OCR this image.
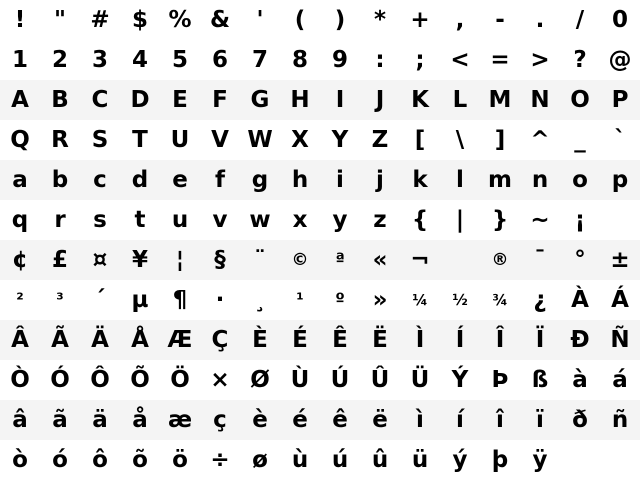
!	"	#	$	%	&	'	(	)	*	+	,	-	.	/	0

1	2	3	4	5	6	7	8	9	:	;	<	=	>	?	@

A	B	C	D	E	F	G	H	I	J	K	L	M	N	O	P

Q	R	S	T	U	V	W	X	Y	Z	[	\	]	^	_	`

a	b	c	d	e	f	g	h	i	j	k	l	m	n	o	p

q	r	s	t	u	v	w	x	y	z	{	|	}	~	¡	

¢	£	¤	¥	¦	§	¨	©	ª	«	¬		®	¯	°	±

²	³	´	µ	¶	·	¸	¹	º	»	¼	½	¾	¿	À	Á

Â	Ã	Ä	Å	Æ	Ç	È	É	Ê	Ë	Ì	Í	Î	Ï	Ð	Ñ

Ò	Ó	Ô	Õ	Ö	×	Ø	Ù	Ú	Û	Ü	Ý	Þ	ß	à	á

â	ã	ä	å	æ	ç	è	é	ê	ë	ì	í	î	ï	ð	ñ

ò	ó	ô	õ	ö	÷	ø	ù	ú	û	ü	ý	þ	ÿ		
